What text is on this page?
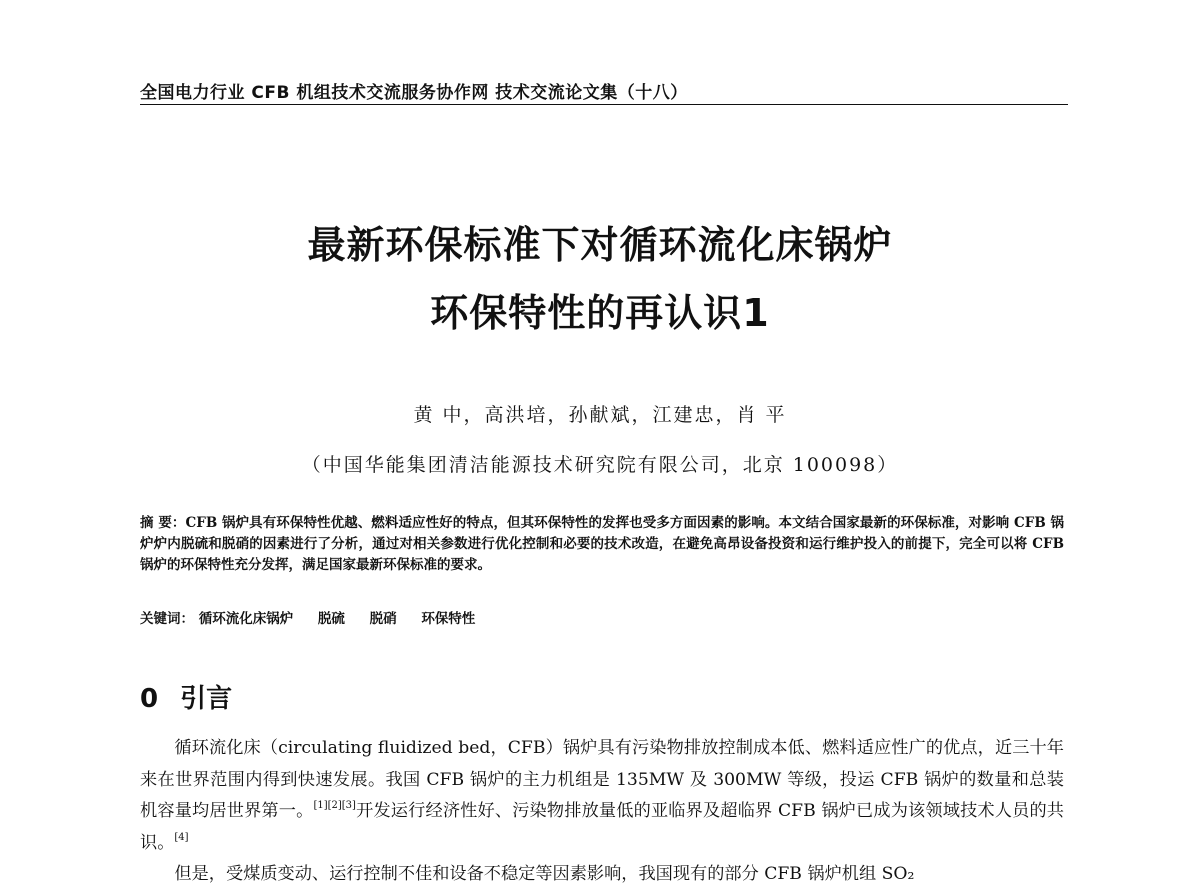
全国电力行业 CFB 机组技术交流服务协作网 技术交流论文集（十八）
最新环保标准下对循环流化床锅炉
环保特性的再认识1
黄 中，高洪培，孙献斌，江建忠，肖 平
（中国华能集团清洁能源技术研究院有限公司，北京 100098）
摘 要：CFB 锅炉具有环保特性优越、燃料适应性好的特点，但其环保特性的发挥也受多方面因素的影响。本文结合国家最新的环保标准，对影响 CFB 锅炉炉内脱硫和脱硝的因素进行了分析，通过对相关参数进行优化控制和必要的技术改造，在避免高昂设备投资和运行维护投入的前提下，完全可以将 CFB 锅炉的环保特性充分发挥，满足国家最新环保标准的要求。
关键词： 循环流化床锅炉 脱硫 脱硝 环保特性
0 引言

循环流化床（circulating fluidized bed，CFB）锅炉具有污染物排放控制成本低、燃料适应性广的优点，近三十年来在世界范围内得到快速发展。我国 CFB 锅炉的主力机组是 135MW 及 300MW 等级，投运 CFB 锅炉的数量和总装机容量均居世界第一。[1][2][3]开发运行经济性好、污染物排放量低的亚临界及超临界 CFB 锅炉已成为该领域技术人员的共识。[4]

但是，受煤质变动、运行控制不佳和设备不稳定等因素影响，我国现有的部分 CFB 锅炉机组 SO₂
